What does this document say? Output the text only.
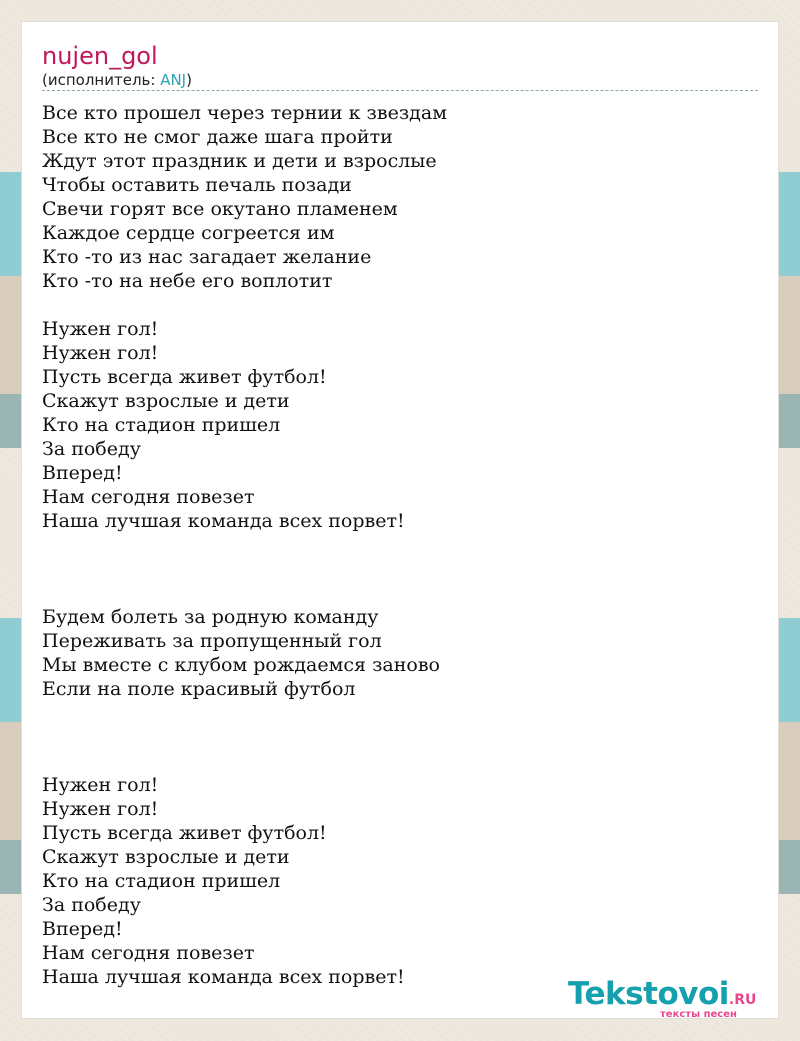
nujen_gol
(исполнитель: ANJ)
Все кто прошел через тернии к звездам
Все кто не смог даже шага пройти
Ждут этот праздник и дети и взрослые
Чтобы оставить печаль позади
Свечи горят все окутано пламенем
Каждое сердце согреется им
Кто -то из нас загадает желание
Кто -то на небе его воплотит
Нужен гол!
Нужен гол!
Пусть всегда живет футбол!
Скажут взрослые и дети
Кто на стадион пришел
За победу
Вперед!
Нам сегодня повезет
Наша лучшая команда всех порвет!
Будем болеть за родную команду
Переживать за пропущенный гол
Мы вместе с клубом рождаемся заново
Если на поле красивый футбол
Нужен гол!
Нужен гол!
Пусть всегда живет футбол!
Скажут взрослые и дети
Кто на стадион пришел
За победу
Вперед!
Нам сегодня повезет
Наша лучшая команда всех порвет!	Tekstovoi.RU
тексты песен
